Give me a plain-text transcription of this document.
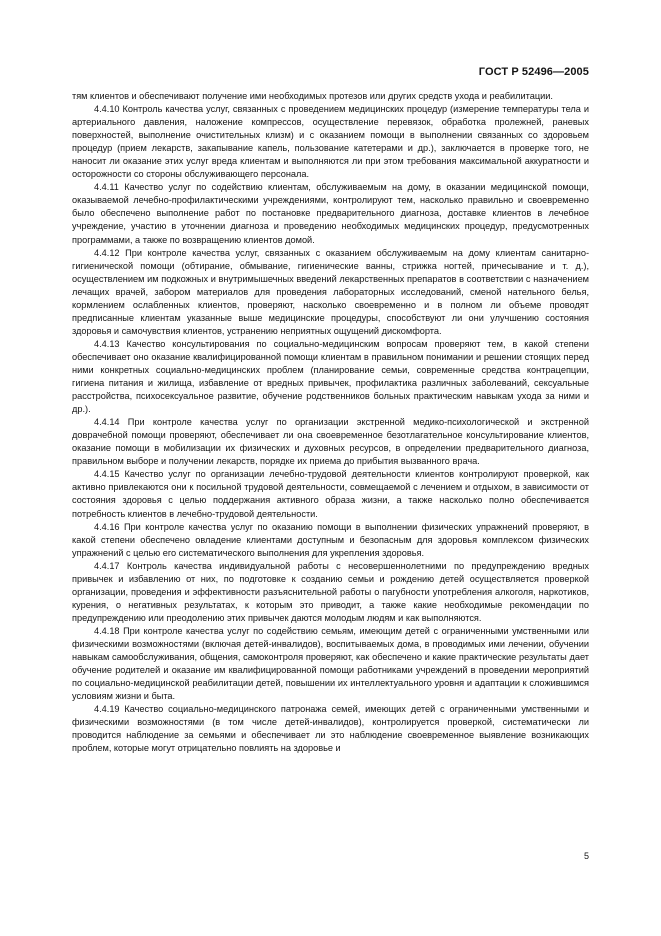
ГОСТ Р 52496—2005

тям клиентов и обеспечивают получение ими необходимых протезов или других средств ухода и реабилитации.

4.4.10 Контроль качества услуг, связанных с проведением медицинских процедур (измерение температуры тела и артериального давления, наложение компрессов, осуществление перевязок, обработка пролежней, раневых поверхностей, выполнение очистительных клизм) и с оказанием помощи в выполнении связанных со здоровьем процедур (прием лекарств, закапывание капель, пользование катетерами и др.), заключается в проверке того, не наносит ли оказание этих услуг вреда клиентам и выполняются ли при этом требования максимальной аккуратности и осторожности со стороны обслуживающего персонала.

4.4.11 Качество услуг по содействию клиентам, обслуживаемым на дому, в оказании медицинской помощи, оказываемой лечебно-профилактическими учреждениями, контролируют тем, насколько правильно и своевременно было обеспечено выполнение работ по постановке предварительного диагноза, доставке клиентов в лечебное учреждение, участию в уточнении диагноза и проведению необходимых медицинских процедур, предусмотренных программами, а также по возвращению клиентов домой.

4.4.12 При контроле качества услуг, связанных с оказанием обслуживаемым на дому клиентам санитарно-гигиенической помощи (обтирание, обмывание, гигиенические ванны, стрижка ногтей, причесывание и т. д.), осуществлением им подкожных и внутримышечных введений лекарственных препаратов в соответствии с назначением лечащих врачей, забором материалов для проведения лабораторных исследований, сменой нательного белья, кормлением ослабленных клиентов, проверяют, насколько своевременно и в полном ли объеме проводят предписанные клиентам указанные выше медицинские процедуры, способствуют ли они улучшению состояния здоровья и самочувствия клиентов, устранению неприятных ощущений дискомфорта.

4.4.13 Качество консультирования по социально-медицинским вопросам проверяют тем, в какой степени обеспечивает оно оказание квалифицированной помощи клиентам в правильном понимании и решении стоящих перед ними конкретных социально-медицинских проблем (планирование семьи, современные средства контрацепции, гигиена питания и жилища, избавление от вредных привычек, профилактика различных заболеваний, сексуальные расстройства, психосексуальное развитие, обучение родственников больных практическим навыкам ухода за ними и др.).

4.4.14 При контроле качества услуг по организации экстренной медико-психологической и экстренной доврачебной помощи проверяют, обеспечивает ли она своевременное безотлагательное консультирование клиентов, оказание помощи в мобилизации их физических и духовных ресурсов, в определении предварительного диагноза, правильном выборе и получении лекарств, порядке их приема до прибытия вызванного врача.

4.4.15 Качество услуг по организации лечебно-трудовой деятельности клиентов контролируют проверкой, как активно привлекаются они к посильной трудовой деятельности, совмещаемой с лечением и отдыхом, в зависимости от состояния здоровья с целью поддержания активного образа жизни, а также насколько полно обеспечивается потребность клиентов в лечебно-трудовой деятельности.

4.4.16 При контроле качества услуг по оказанию помощи в выполнении физических упражнений проверяют, в какой степени обеспечено овладение клиентами доступным и безопасным для здоровья комплексом физических упражнений с целью его систематического выполнения для укрепления здоровья.

4.4.17 Контроль качества индивидуальной работы с несовершеннолетними по предупреждению вредных привычек и избавлению от них, по подготовке к созданию семьи и рождению детей осуществляется проверкой организации, проведения и эффективности разъяснительной работы о пагубности употребления алкоголя, наркотиков, курения, о негативных результатах, к которым это приводит, а также какие необходимые рекомендации по предупреждению или преодолению этих привычек даются молодым людям и как выполняются.

4.4.18 При контроле качества услуг по содействию семьям, имеющим детей с ограниченными умственными или физическими возможностями (включая детей-инвалидов), воспитываемых дома, в проводимых ими лечении, обучении навыкам самообслуживания, общения, самоконтроля проверяют, как обеспечено и какие практические результаты дает обучение родителей и оказание им квалифицированной помощи работниками учреждений в проведении мероприятий по социально-медицинской реабилитации детей, повышении их интеллектуального уровня и адаптации к сложившимся условиям жизни и быта.

4.4.19 Качество социально-медицинского патронажа семей, имеющих детей с ограниченными умственными и физическими возможностями (в том числе детей-инвалидов), контролируется проверкой, систематически ли проводится наблюдение за семьями и обеспечивает ли это наблюдение своевременное выявление возникающих проблем, которые могут отрицательно повлиять на здоровье и

5
